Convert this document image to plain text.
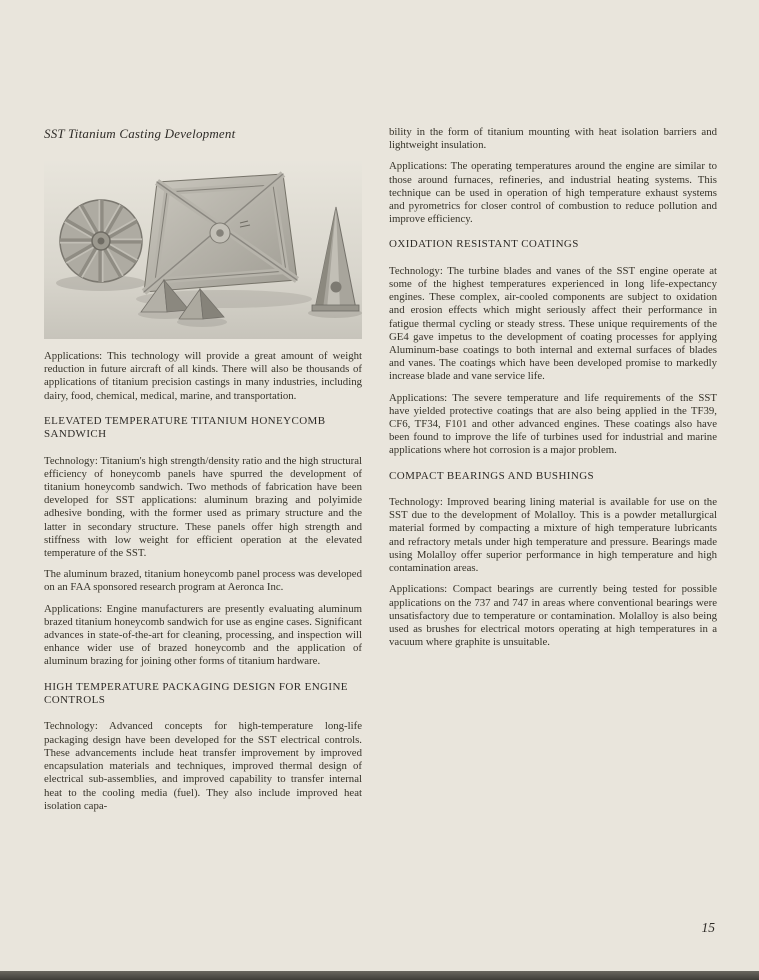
SST Titanium Casting Development

Applications: This technology will provide a great amount of weight reduction in future aircraft of all kinds. There will also be thousands of applications of titanium precision castings in many industries, including dairy, food, chemical, medical, marine, and transportation.

ELEVATED TEMPERATURE TITANIUM HONEYCOMB SANDWICH

Technology: Titanium's high strength/density ratio and the high structural efficiency of honeycomb panels have spurred the development of titanium honeycomb sandwich. Two methods of fabrication have been developed for SST applications: aluminum brazing and polyimide adhesive bonding, with the former used as primary structure and the latter in secondary structure. These panels offer high strength and stiffness with low weight for efficient operation at the elevated temperature of the SST.

The aluminum brazed, titanium honeycomb panel process was developed on an FAA sponsored research program at Aeronca Inc.

Applications: Engine manufacturers are presently evaluating aluminum brazed titanium honeycomb sandwich for use as engine cases. Significant advances in state-of-the-art for cleaning, processing, and inspection will enhance wider use of brazed honeycomb and the application of aluminum brazing for joining other forms of titanium hardware.

HIGH TEMPERATURE PACKAGING DESIGN FOR ENGINE CONTROLS

Technology: Advanced concepts for high-temperature long-life packaging design have been developed for the SST electrical controls. These advancements include heat transfer improvement by improved encapsulation materials and techniques, improved thermal design of electrical sub-assemblies, and improved capability to transfer internal heat to the cooling media (fuel). They also include improved heat isolation capa-

bility in the form of titanium mounting with heat isolation barriers and lightweight insulation.

Applications: The operating temperatures around the engine are similar to those around furnaces, refineries, and industrial heating systems. This technique can be used in operation of high temperature exhaust systems and pyrometrics for closer control of combustion to reduce pollution and improve efficiency.

OXIDATION RESISTANT COATINGS

Technology: The turbine blades and vanes of the SST engine operate at some of the highest temperatures experienced in long life-expectancy engines. These complex, air-cooled components are subject to oxidation and erosion effects which might seriously affect their performance in fatigue thermal cycling or steady stress. These unique requirements of the GE4 gave impetus to the development of coating processes for applying Aluminum-base coatings to both internal and external surfaces of blades and vanes. The coatings which have been developed promise to markedly increase blade and vane service life.

Applications: The severe temperature and life requirements of the SST have yielded protective coatings that are also being applied in the TF39, CF6, TF34, F101 and other advanced engines. These coatings also have been found to improve the life of turbines used for industrial and marine applications where hot corrosion is a major problem.

COMPACT BEARINGS AND BUSHINGS

Technology: Improved bearing lining material is available for use on the SST due to the development of Molalloy. This is a powder metallurgical material formed by compacting a mixture of high temperature lubricants and refractory metals under high temperature and pressure. Bearings made using Molalloy offer superior performance in high temperature and high contamination areas.

Applications: Compact bearings are currently being tested for possible applications on the 737 and 747 in areas where conventional bearings were unsatisfactory due to temperature or contamination. Molalloy is also being used as brushes for electrical motors operating at high temperatures in a vacuum where graphite is unsuitable.

15
